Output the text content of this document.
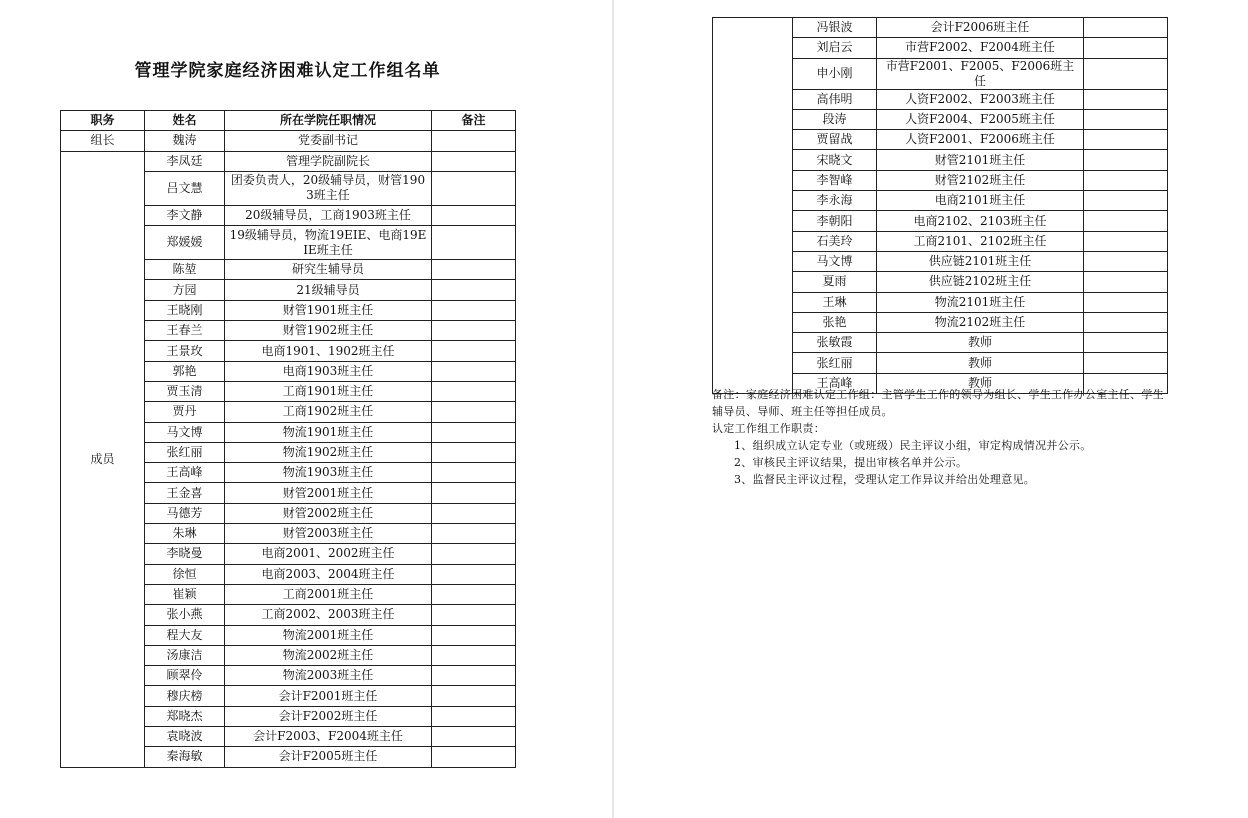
管理学院家庭经济困难认定工作组名单
职务	姓名	所在学院任职情况	备注
组长	魏涛	党委副书记	
成员	李凤廷	管理学院副院长	
	吕文慧	团委负责人，20级辅导员，财管1903班主任	
	李文静	20级辅导员，工商1903班主任	
	郑媛媛	19级辅导员，物流19EIE、电商19EIE班主任	
	陈堃	研究生辅导员	
	方园	21级辅导员	
	王晓刚	财管1901班主任	
	王春兰	财管1902班主任	
	王景玫	电商1901、1902班主任	
	郭艳	电商1903班主任	
	贾玉清	工商1901班主任	
	贾丹	工商1902班主任	
	马文博	物流1901班主任	
	张红丽	物流1902班主任	
	王高峰	物流1903班主任	
	王金喜	财管2001班主任	
	马德芳	财管2002班主任	
	朱琳	财管2003班主任	
	李晓曼	电商2001、2002班主任	
	徐恒	电商2003、2004班主任	
	崔颖	工商2001班主任	
	张小燕	工商2002、2003班主任	
	程大友	物流2001班主任	
	汤康洁	物流2002班主任	
	顾翠伶	物流2003班主任	
	穆庆榜	会计F2001班主任	
	郑晓杰	会计F2002班主任	
	袁晓波	会计F2003、F2004班主任	
	秦海敏	会计F2005班主任	
	冯银波	会计F2006班主任	
	刘启云	市营F2002、F2004班主任	
	申小刚	市营F2001、F2005、F2006班主任	
	高伟明	人资F2002、F2003班主任	
	段涛	人资F2004、F2005班主任	
	贾留战	人资F2001、F2006班主任	
	宋晓文	财管2101班主任	
	李智峰	财管2102班主任	
	李永海	电商2101班主任	
	李朝阳	电商2102、2103班主任	
	石美玲	工商2101、2102班主任	
	马文博	供应链2101班主任	
	夏雨	供应链2102班主任	
	王琳	物流2101班主任	
	张艳	物流2102班主任	
	张敏霞	教师	
	张红丽	教师	
	王高峰	教师	

备注：家庭经济困难认定工作组：主管学生工作的领导为组长、学生工作办公室主任、学生辅导员、导师、班主任等担任成员。

认定工作组工作职责：

1、组织成立认定专业（或班级）民主评议小组，审定构成情况并公示。

2、审核民主评议结果，提出审核名单并公示。

3、监督民主评议过程，受理认定工作异议并给出处理意见。
